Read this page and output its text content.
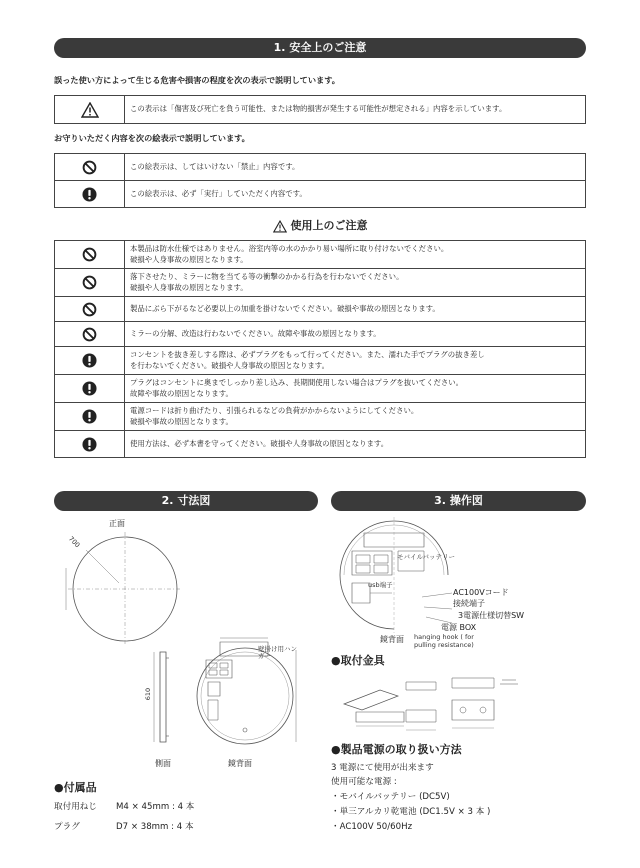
1. 安全上のご注意
誤った使い方によって生じる危害や損害の程度を次の表示で説明しています。
	この表示は「傷害及び死亡を負う可能性、または物的損害が発生する可能性が想定される」内容を示しています。
お守りいただく内容を次の絵表示で説明しています。
	この絵表示は、してはいけない「禁止」内容です。
	この絵表示は、必ず「実行」していただく内容です。
使用上のご注意

本製品は防水仕様ではありません。浴室内等の水のかかり易い場所に取り付けないでください。
破損や人身事故の原因となります。

落下させたり、ミラーに物を当てる等の衝撃のかかる行為を行わないでください。
破損や人身事故の原因となります。

製品にぶら下がるなど必要以上の加重を掛けないでください。破損や事故の原因となります。

ミラーの分解、改造は行わないでください。故障や事故の原因となります。

コンセントを抜き差しする際は、必ずプラグをもって行ってください。また、濡れた手でプラグの抜き差し
を行わないでください。破損や人身事故の原因となります。

プラグはコンセントに奥までしっかり差し込み、長期間使用しない場合はプラグを抜いてください。
故障や事故の原因となります。

電源コードは折り曲げたり、引張られるなどの負荷がかからないようにしてください。
破損や事故の原因となります。

使用方法は、必ず本書を守ってください。破損や人身事故の原因となります。
2. 寸法図	3. 操作図
正面
700
610
側面
壁掛け用ハンガー
鏡背面
●付属品
取付用ねじ M4 × 45mm : 4 本
プラグ	D7 × 38mm : 4 本
モバイルバッテリー
usb端子
AC100Vコード
接続端子
3電源仕様切替SW
電源 BOX
鏡背面 hanging hook ( for
pulling resistance)
●取付金具
●製品電源の取り扱い方法
3 電源にて使用が出来ます
使用可能な電源 :
・モバイルバッテリー (DC5V)
・単三アルカリ乾電池 (DC1.5V × 3 本 )
・AC100V 50/60Hz
